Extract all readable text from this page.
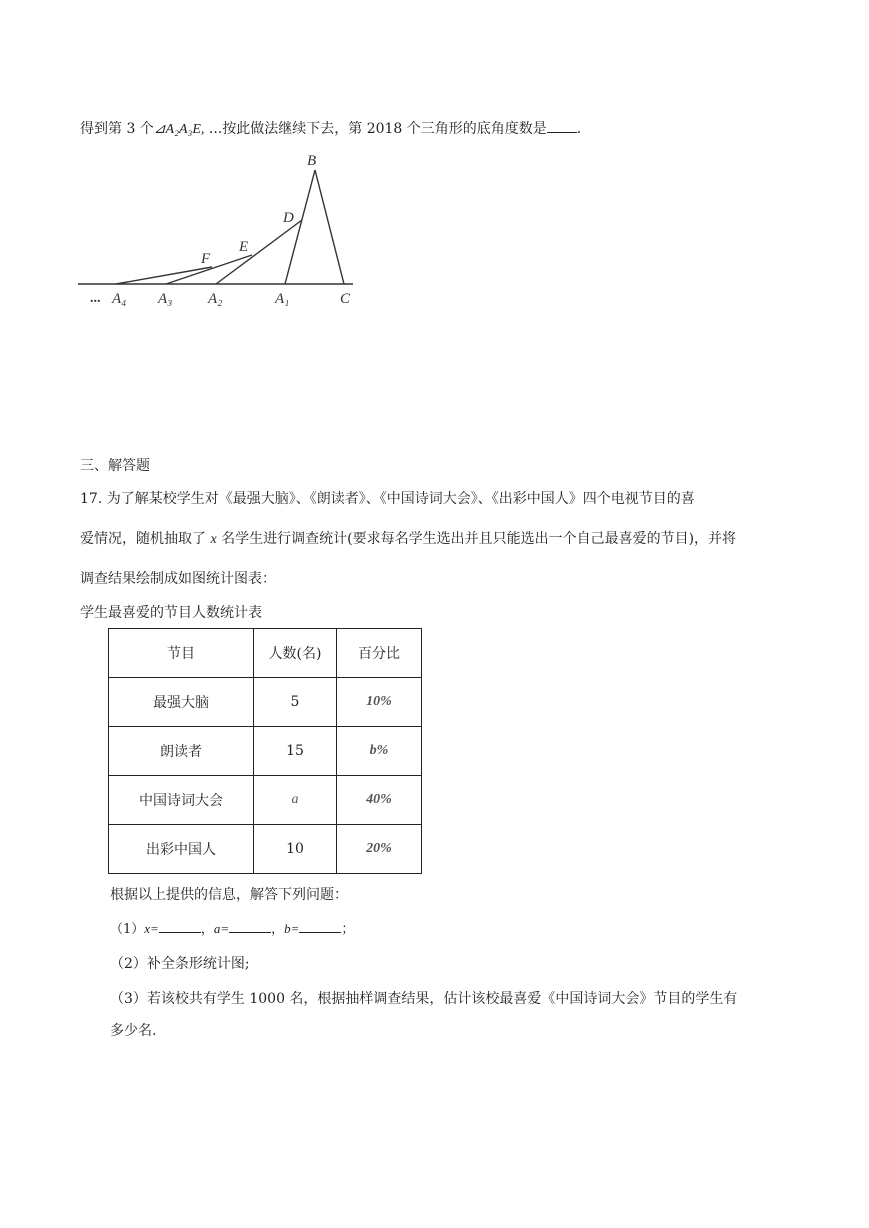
得到第 3 个⊿A₂A₃E, ...按此做法继续下去，第 2018 个三角形的底角度数是 .
B
D
E
F
A₄ A₃ A₂	A₁	C
...
三、解答题
17. 为了解某校学生对《最强大脑》、《朗读者》、《中国诗词大会》、《出彩中国人》四个电视节目的喜
爱情况，随机抽取了 x 名学生进行调查统计(要求每名学生选出并且只能选出一个自己最喜爱的节目)，并将
调查结果绘制成如图统计图表：
学生最喜爱的节目人数统计表
节目	人数(名)	百分比
最强大脑	5	10%
朗读者	15	b%
中国诗词大会	a	40%
出彩中国人	10	20%
根据以上提供的信息，解答下列问题：
（1）x=	，a=	，b=	；
（2）补全条形统计图;
（3）若该校共有学生 1000 名，根据抽样调查结果，估计该校最喜爱《中国诗词大会》节目的学生有
多少名.
